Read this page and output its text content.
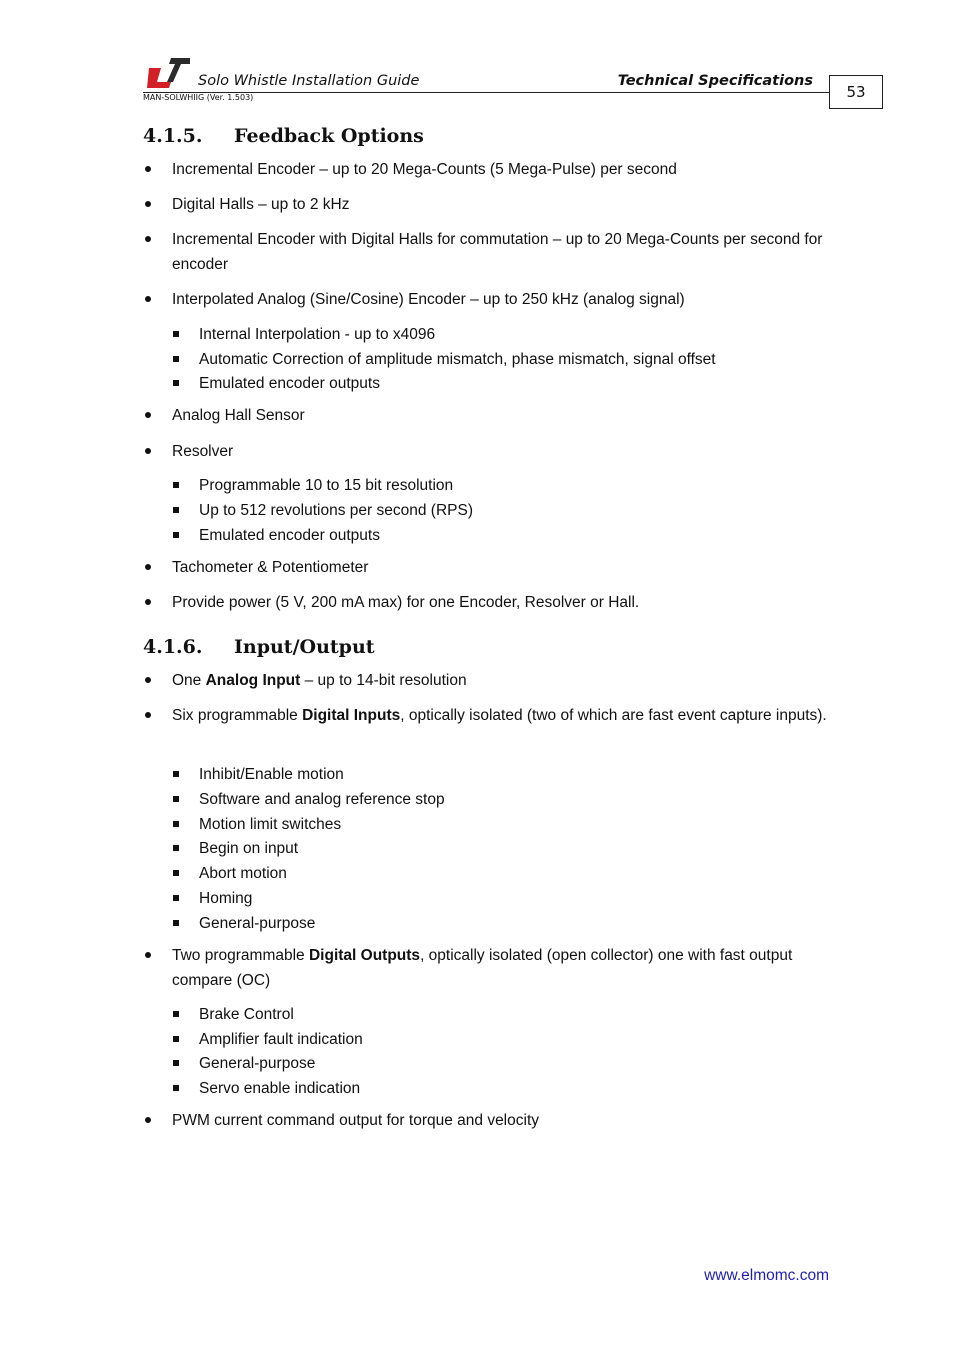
Solo Whistle Installation Guide	Technical Specifications
MAN-SOLWHIIG (Ver. 1.503)	53
4.1.5. Feedback Options
Incremental Encoder – up to 20 Mega-Counts (5 Mega-Pulse) per second
Digital Halls – up to 2 kHz
Incremental Encoder with Digital Halls for commutation – up to 20 Mega-Counts per second for encoder
Interpolated Analog (Sine/Cosine) Encoder – up to 250 kHz (analog signal)
Internal Interpolation - up to x4096
Automatic Correction of amplitude mismatch, phase mismatch, signal offset
Emulated encoder outputs
Analog Hall Sensor
Resolver
Programmable 10 to 15 bit resolution
Up to 512 revolutions per second (RPS)
Emulated encoder outputs
Tachometer & Potentiometer
Provide power (5 V, 200 mA max) for one Encoder, Resolver or Hall.
4.1.6. Input/Output
One Analog Input – up to 14-bit resolution
Six programmable Digital Inputs, optically isolated (two of which are fast event capture inputs).
Inhibit/Enable motion
Software and analog reference stop
Motion limit switches
Begin on input
Abort motion
Homing
General-purpose
Two programmable Digital Outputs, optically isolated (open collector) one with fast output compare (OC)
Brake Control
Amplifier fault indication
General-purpose
Servo enable indication
PWM current command output for torque and velocity
www.elmomc.com
